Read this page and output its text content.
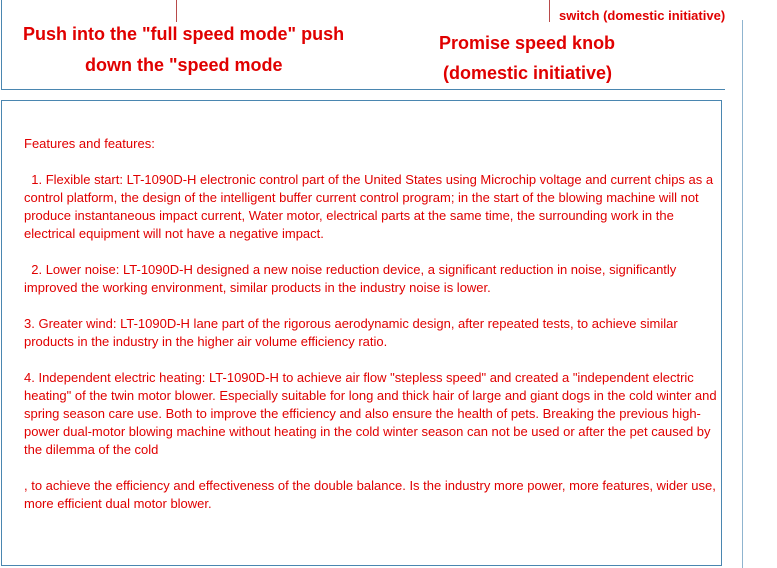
Push into the "full speed mode" push
down the "speed mode
Promise speed knob
(domestic initiative)
switch (domestic initiative)

Features and features:

1. Flexible start: LT-1090D-H electronic control part of the United States using Microchip voltage and current chips as a control platform, the design of the intelligent buffer current control program; in the start of the blowing machine will not produce instantaneous impact current, Water motor, electrical parts at the same time, the surrounding work in the electrical equipment will not have a negative impact.

2. Lower noise: LT-1090D-H designed a new noise reduction device, a significant reduction in noise, significantly improved the working environment, similar products in the industry noise is lower.

3. Greater wind: LT-1090D-H lane part of the rigorous aerodynamic design, after repeated tests, to achieve similar products in the industry in the higher air volume efficiency ratio.

4. Independent electric heating: LT-1090D-H to achieve air flow "stepless speed" and created a "independent electric heating" of the twin motor blower. Especially suitable for long and thick hair of large and giant dogs in the cold winter and spring season care use. Both to improve the efficiency and also ensure the health of pets. Breaking the previous high-power dual-motor blowing machine without heating in the cold winter season can not be used or after the pet caused by the dilemma of the cold

, to achieve the efficiency and effectiveness of the double balance. Is the industry more power, more features, wider use, more efficient dual motor blower.
